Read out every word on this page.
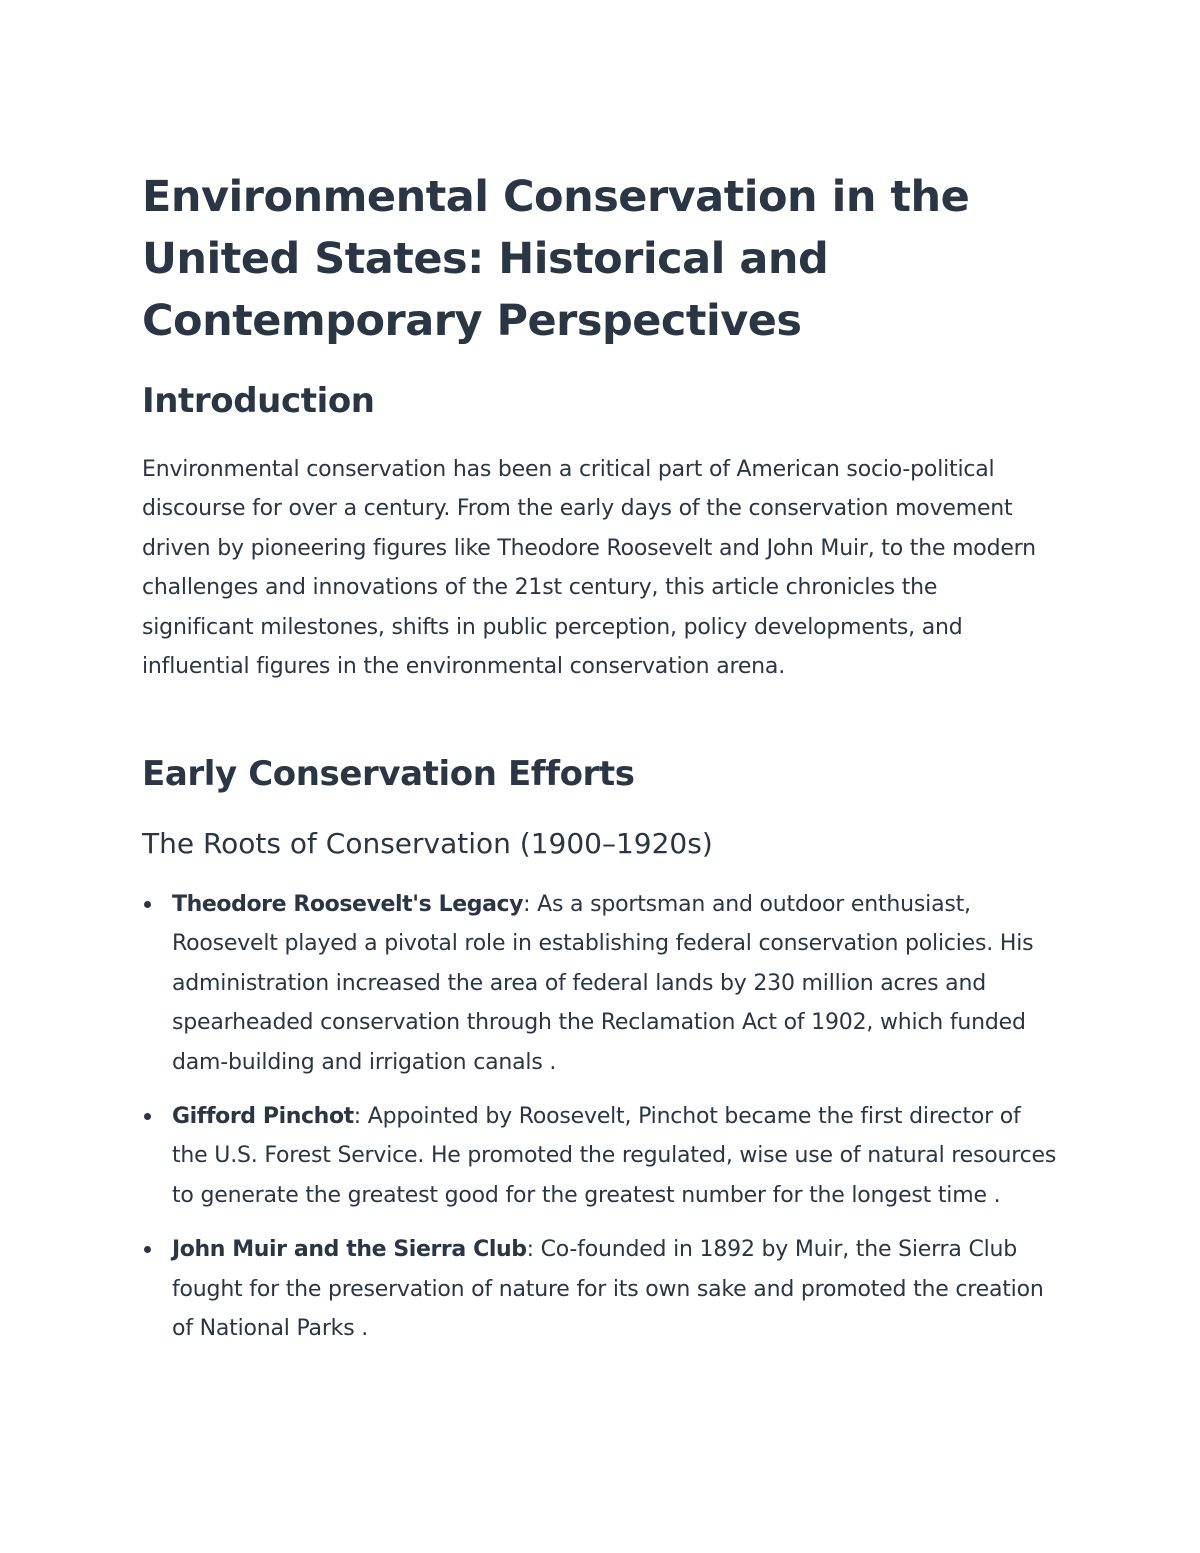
Environmental Conservation in the United States: Historical and Contemporary Perspectives
Introduction

Environmental conservation has been a critical part of American socio-political discourse for over a century. From the early days of the conservation movement driven by pioneering figures like Theodore Roosevelt and John Muir, to the modern challenges and innovations of the 21st century, this article chronicles the significant milestones, shifts in public perception, policy developments, and influential figures in the environmental conservation arena.

Early Conservation Efforts
The Roots of Conservation (1900–1920s)
Theodore Roosevelt's Legacy: As a sportsman and outdoor enthusiast, Roosevelt played a pivotal role in establishing federal conservation policies. His administration increased the area of federal lands by 230 million acres and spearheaded conservation through the Reclamation Act of 1902, which funded dam-building and irrigation canals .
Gifford Pinchot: Appointed by Roosevelt, Pinchot became the first director of the U.S. Forest Service. He promoted the regulated, wise use of natural resources to generate the greatest good for the greatest number for the longest time .
John Muir and the Sierra Club: Co-founded in 1892 by Muir, the Sierra Club fought for the preservation of nature for its own sake and promoted the creation of National Parks .
